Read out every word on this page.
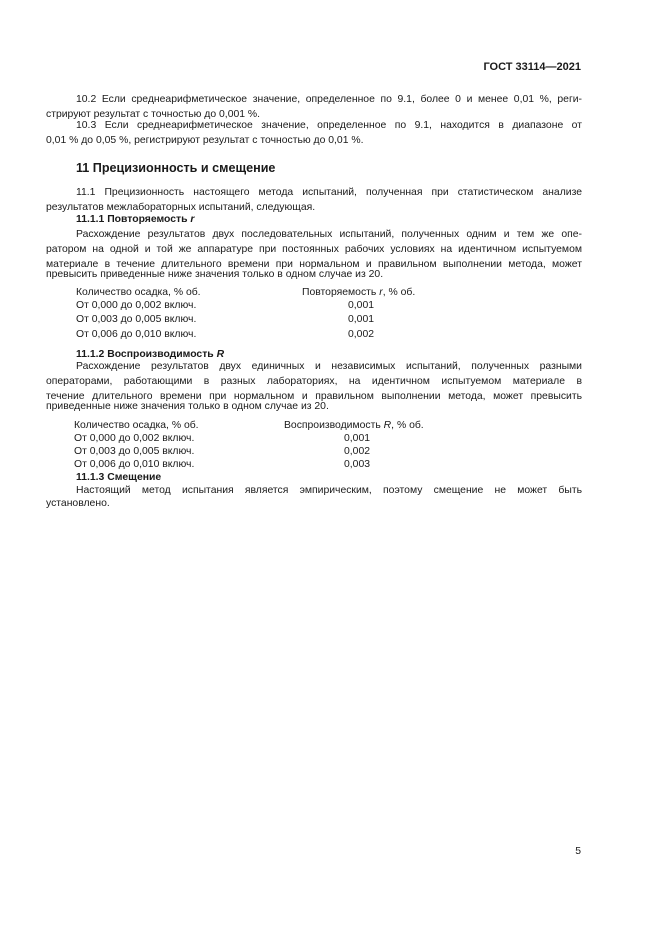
ГОСТ 33114—2021
10.2 Если среднеарифметическое значение, определенное по 9.1, более 0 и менее 0,01 %, реги-
стрируют результат с точностью до 0,001 %.
10.3 Если среднеарифметическое значение, определенное по 9.1, находится в диапазоне от
0,01 % до 0,05 %, регистрируют результат с точностью до 0,01 %.
11 Прецизионность и смещение
11.1 Прецизионность настоящего метода испытаний, полученная при статистическом анализе
результатов межлабораторных испытаний, следующая.
11.1.1 Повторяемость r
Расхождение результатов двух последовательных испытаний, полученных одним и тем же опе-
ратором на одной и той же аппаратуре при постоянных рабочих условиях на идентичном испытуемом
материале в течение длительного времени при нормальном и правильном выполнении метода, может
превысить приведенные ниже значения только в одном случае из 20.
Количество осадка, % об.	Повторяемость r, % об.
От 0,000 до 0,002 включ.	0,001
От 0,003 до 0,005 включ.	0,001
От 0,006 до 0,010 включ.	0,002
11.1.2 Воспроизводимость R
Расхождение результатов двух единичных и независимых испытаний, полученных разными
операторами, работающими в разных лабораториях, на идентичном испытуемом материале в
течение длительного времени при нормальном и правильном выполнении метода, может превысить
приведенные ниже значения только в одном случае из 20.
Количество осадка, % об.	Воспроизводимость R, % об.
От 0,000 до 0,002 включ.	0,001
От 0,003 до 0,005 включ.	0,002
От 0,006 до 0,010 включ.	0,003
11.1.3 Смещение
Настоящий метод испытания является эмпирическим, поэтому смещение не может быть
установлено.
5
